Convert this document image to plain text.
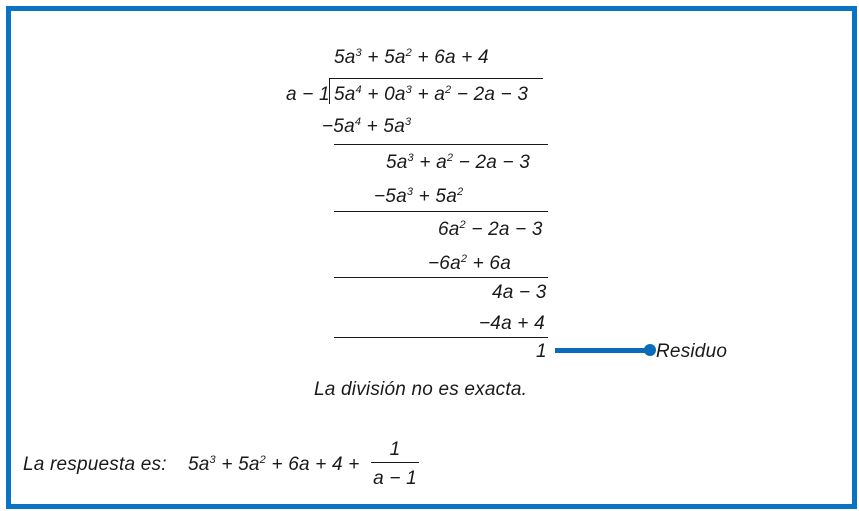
$5a^3 + 5a^2 + 6a + 4$
a − 1 $5a^4 + 0a^3 + a^2 - 2a - 3$
$-5a^4 + 5a^3$
$5a^3 + a^2 - 2a - 3$
$-5a^3 + 5a^2$
$6a^2 - 2a - 3$
$-6a^2 + 6a$
4a − 3
−4a + 4
1	Residuo
La división no es exacta.
La respuesta es: $5a^3 + 5a^2 + 6a + 4$ +
1
a − 1
